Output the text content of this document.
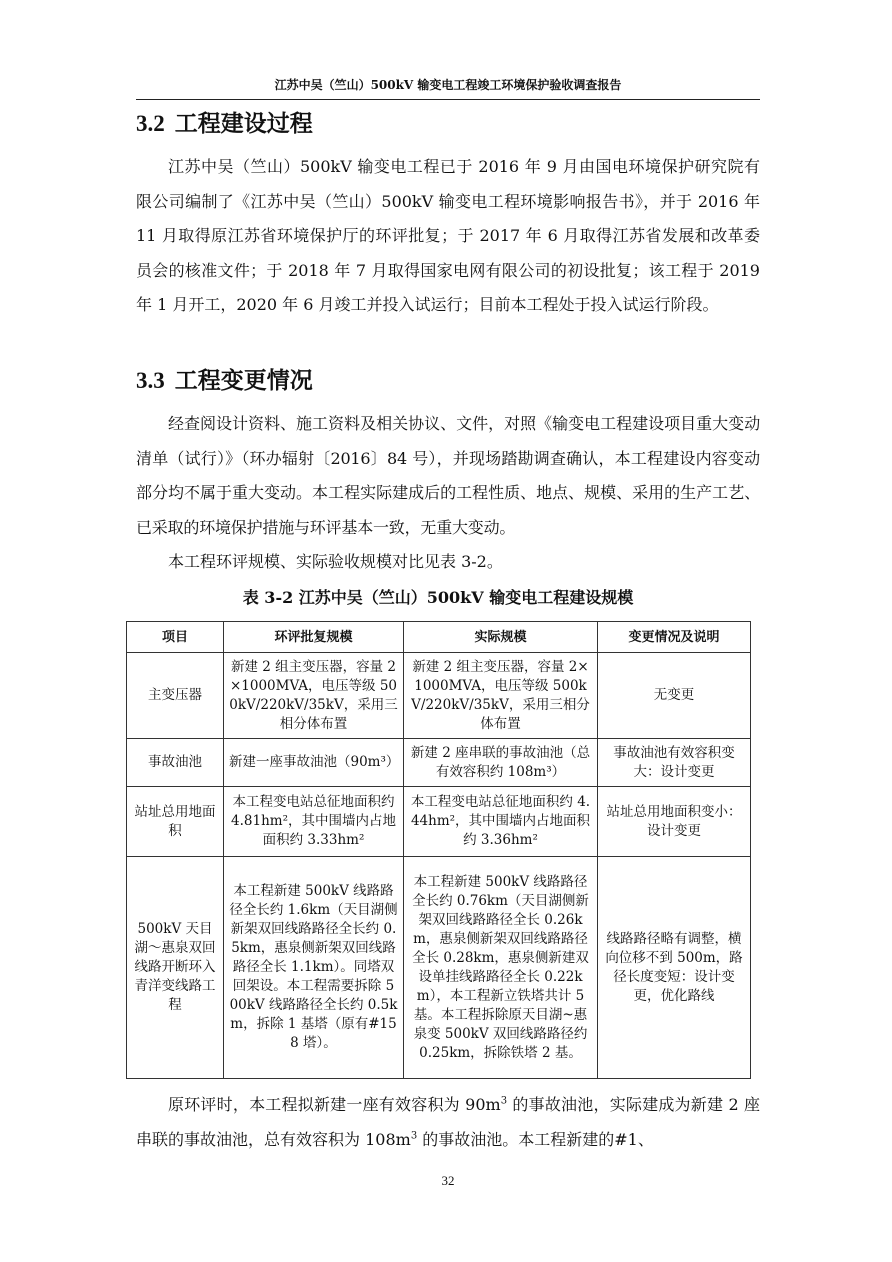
江苏中吴（竺山）500kV 输变电工程竣工环境保护验收调查报告
3.2 工程建设过程

江苏中吴（竺山）500kV 输变电工程已于 2016 年 9 月由国电环境保护研究院有限公司编制了《江苏中吴（竺山）500kV 输变电工程环境影响报告书》，并于 2016 年 11 月取得原江苏省环境保护厅的环评批复；于 2017 年 6 月取得江苏省发展和改革委员会的核准文件；于 2018 年 7 月取得国家电网有限公司的初设批复；该工程于 2019 年 1 月开工，2020 年 6 月竣工并投入试运行；目前本工程处于投入试运行阶段。

3.3 工程变更情况

经查阅设计资料、施工资料及相关协议、文件，对照《输变电工程建设项目重大变动清单（试行）》（环办辐射〔2016〕84 号），并现场踏勘调查确认，本工程建设内容变动部分均不属于重大变动。本工程实际建成后的工程性质、地点、规模、采用的生产工艺、已采取的环境保护措施与环评基本一致，无重大变动。

本工程环评规模、实际验收规模对比见表 3-2。

表 3-2 江苏中吴（竺山）500kV 输变电工程建设规模
项目	环评批复规模	实际规模	变更情况及说明
主变压器	新建 2 组主变压器，容量 2×1000MVA，电压等级 500kV/220kV/35kV，采用三相分体布置	新建 2 组主变压器，容量 2×1000MVA，电压等级 500kV/220kV/35kV，采用三相分体布置	无变更
事故油池	新建一座事故油池（90m³）	新建 2 座串联的事故油池（总有效容积约 108m³）	事故油池有效容积变大：设计变更
站址总用地面积	本工程变电站总征地面积约 4.81hm²，其中围墙内占地面积约 3.33hm²	本工程变电站总征地面积约 4.44hm²，其中围墙内占地面积约 3.36hm²	站址总用地面积变小：设计变更
500kV 天目湖～惠泉双回线路开断环入青洋变线路工程	本工程新建 500kV 线路路径全长约 1.6km（天目湖侧新架双回线路路径全长约 0.5km，惠泉侧新架双回线路路径全长 1.1km）。同塔双回架设。本工程需要拆除 500kV 线路路径全长约 0.5km，拆除 1 基塔（原有#158 塔）。	本工程新建 500kV 线路路径全长约 0.76km（天目湖侧新架双回线路路径全长 0.26km，惠泉侧新架双回线路路径全长 0.28km，惠泉侧新建双设单挂线路路径全长 0.22km），本工程新立铁塔共计 5 基。本工程拆除原天目湖~惠泉变 500kV 双回线路路径约 0.25km，拆除铁塔 2 基。	线路路径略有调整，横向位移不到 500m，路径长度变短：设计变更，优化路线

原环评时，本工程拟新建一座有效容积为 $90m^3$ 的事故油池，实际建成为新建 2 座串联的事故油池，总有效容积为 $108m^3$ 的事故油池。本工程新建的#1、

32
